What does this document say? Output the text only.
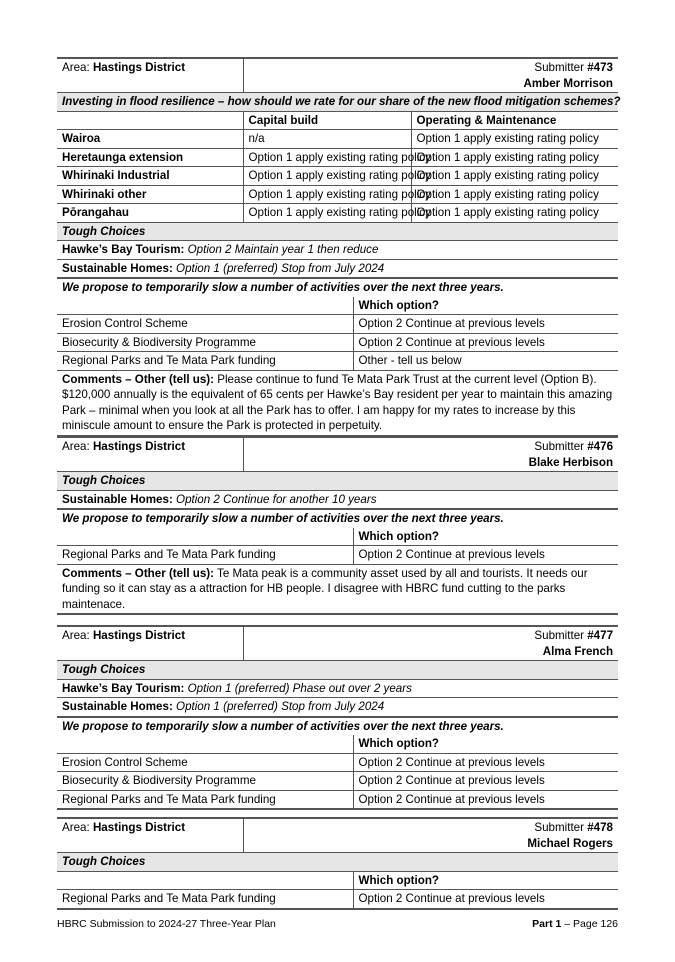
Area: Hastings District	Submitter #473
Amber Morrison		
Investing in flood resilience – how should we rate for our share of the new flood mitigation schemes?			
	Capital build		Operating & Maintenance
Wairoa	n/a		Option 1 apply existing rating policy
Heretaunga extension	Option 1 apply existing rating policy		Option 1 apply existing rating policy
Whirinaki Industrial	Option 1 apply existing rating policy		Option 1 apply existing rating policy
Whirinaki other	Option 1 apply existing rating policy		Option 1 apply existing rating policy
Pōrangahau	Option 1 apply existing rating policy		Option 1 apply existing rating policy
Tough Choices			
Hawke’s Bay Tourism: Option 2 Maintain year 1 then reduce			
Sustainable Homes: Option 1 (preferred) Stop from July 2024			
We propose to temporarily slow a number of activities over the next three years.			
		Which option?	
Erosion Control Scheme		Option 2 Continue at previous levels	
Biosecurity & Biodiversity Programme		Option 2 Continue at previous levels	
Regional Parks and Te Mata Park funding		Other - tell us below	
Comments – Other (tell us): Please continue to fund Te Mata Park Trust at the current level (Option B). $120,000 annually is the equivalent of 65 cents per Hawke’s Bay resident per year to maintain this amazing Park – minimal when you look at all the Park has to offer. I am happy for my rates to increase by this miniscule amount to ensure the Park is protected in perpetuity.			
Area: Hastings District	Submitter #476
Blake Herbison	
Tough Choices		
Sustainable Homes: Option 2 Continue for another 10 years		
We propose to temporarily slow a number of activities over the next three years.		
		Which option?
Regional Parks and Te Mata Park funding		Option 2 Continue at previous levels
Comments – Other (tell us): Te Mata peak is a community asset used by all and tourists. It needs our funding so it can stay as a attraction for HB people. I disagree with HBRC fund cutting to the parks maintenace.		
Area: Hastings District	Submitter #477
Alma French	
Tough Choices		
Hawke’s Bay Tourism: Option 1 (preferred) Phase out over 2 years		
Sustainable Homes: Option 1 (preferred) Stop from July 2024		
We propose to temporarily slow a number of activities over the next three years.		
		Which option?
Erosion Control Scheme		Option 2 Continue at previous levels
Biosecurity & Biodiversity Programme		Option 2 Continue at previous levels
Regional Parks and Te Mata Park funding		Option 2 Continue at previous levels
Area: Hastings District	Submitter #478
Michael Rogers	
Tough Choices		
		Which option?
Regional Parks and Te Mata Park funding		Option 2 Continue at previous levels
HBRC Submission to 2024-27 Three-Year Plan	Part 1 – Page 126
